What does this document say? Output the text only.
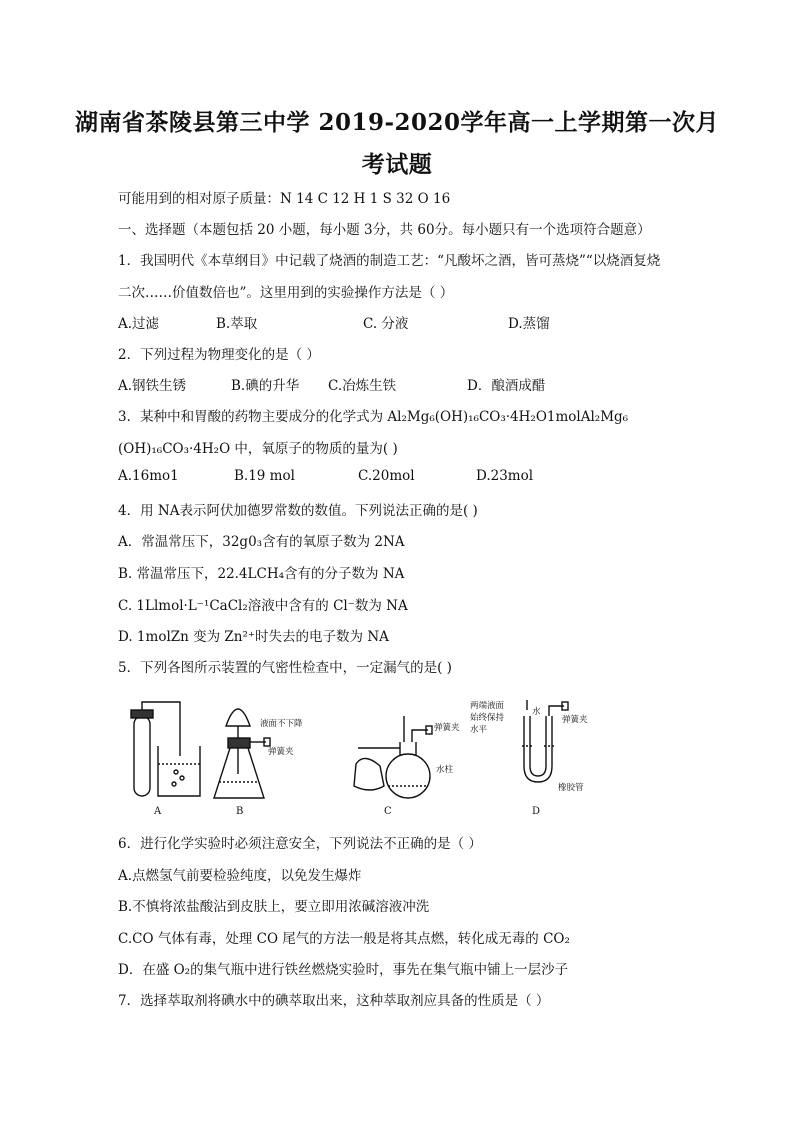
湖南省茶陵县第三中学 2019-2020学年高一上学期第一次月
考试题
可能用到的相对原子质量：N 14 C 12 H 1 S 32 O 16
一、选择题（本题包括 20 小题，每小题 3分，共 60分。每小题只有一个选项符合题意）
1．我国明代《本草纲目》中记载了烧酒的制造工艺：“凡酸坏之酒，皆可蒸烧”“以烧酒复烧
二次……价值数倍也”。这里用到的实验操作方法是（ ）
A.过滤	B.萃取	C. 分液	D.蒸馏
2．下列过程为物理变化的是（ ）
A.钢铁生锈	B.碘的升华 C.冶炼生铁	D．酿酒成醋
3．某种中和胃酸的药物主要成分的化学式为 Al₂Mg₆(OH)₁₆CO₃·4H₂O1molAl₂Mg₆
(OH)₁₆CO₃·4H₂O 中，氧原子的物质的量为( )
A.16mo1	B.19 mol	C.20mol	D.23mol
4．用 NA表示阿伏加德罗常数的数值。下列说法正确的是( )
A．常温常压下，32g0₃含有的氧原子数为 2NA
B. 常温常压下，22.4LCH₄含有的分子数为 NA
C. 1Llmol·L⁻¹CaCl₂溶液中含有的 Cl⁻数为 NA
D. 1molZn 变为 Zn²⁺时失去的电子数为 NA
5．下列各图所示装置的气密性检查中，一定漏气的是( )
A
液面不下降
弹簧夹
B
弹簧夹
水柱
C
两端液面
始终保持
水平
水
弹簧夹
橡胶管
D
6．进行化学实验时必须注意安全，下列说法不正确的是（ ）
A.点燃氢气前要检验纯度，以免发生爆炸
B.不慎将浓盐酸沾到皮肤上，要立即用浓碱溶液冲洗
C.CO 气体有毒，处理 CO 尾气的方法一般是将其点燃，转化成无毒的 CO₂
D．在盛 O₂的集气瓶中进行铁丝燃烧实验时，事先在集气瓶中铺上一层沙子
7．选择萃取剂将碘水中的碘萃取出来，这种萃取剂应具备的性质是（ ）
